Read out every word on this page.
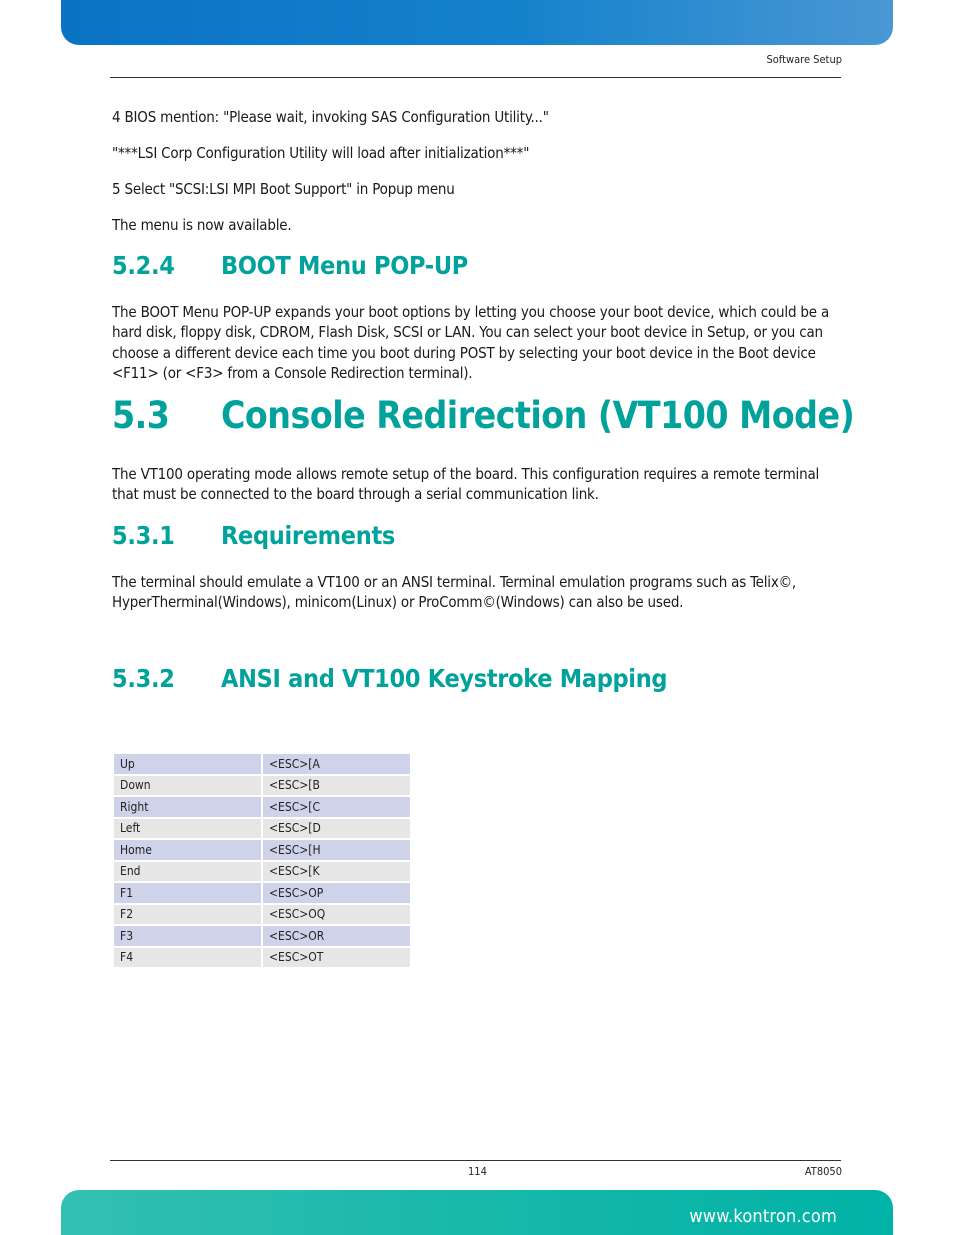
Software Setup

4 BIOS mention: "Please wait, invoking SAS Configuration Utility..."

"***LSI Corp Configuration Utility will load after initialization***"

5 Select "SCSI:LSI MPI Boot Support" in Popup menu

The menu is now available.

5.2.4 BOOT Menu POP-UP

The BOOT Menu POP-UP expands your boot options by letting you choose your boot device, which could be a hard disk, floppy disk, CDROM, Flash Disk, SCSI or LAN. You can select your boot device in Setup, or you can choose a different device each time you boot during POST by selecting your boot device in the Boot device <F11> (or <F3> from a Console Redirection terminal).

5.3 Console Redirection (VT100 Mode)

The VT100 operating mode allows remote setup of the board. This configuration requires a remote terminal that must be connected to the board through a serial communication link.

5.3.1 Requirements

The terminal should emulate a VT100 or an ANSI terminal. Terminal emulation programs such as Telix©, HyperTherminal(Windows), minicom(Linux) or ProComm©(Windows) can also be used.

5.3.2 ANSI and VT100 Keystroke Mapping
Up	<ESC>[A
Down	<ESC>[B
Right	<ESC>[C
Left	<ESC>[D
Home	<ESC>[H
End	<ESC>[K
F1	<ESC>OP
F2	<ESC>OQ
F3	<ESC>OR
F4	<ESC>OT
114	AT8050
www.kontron.com
